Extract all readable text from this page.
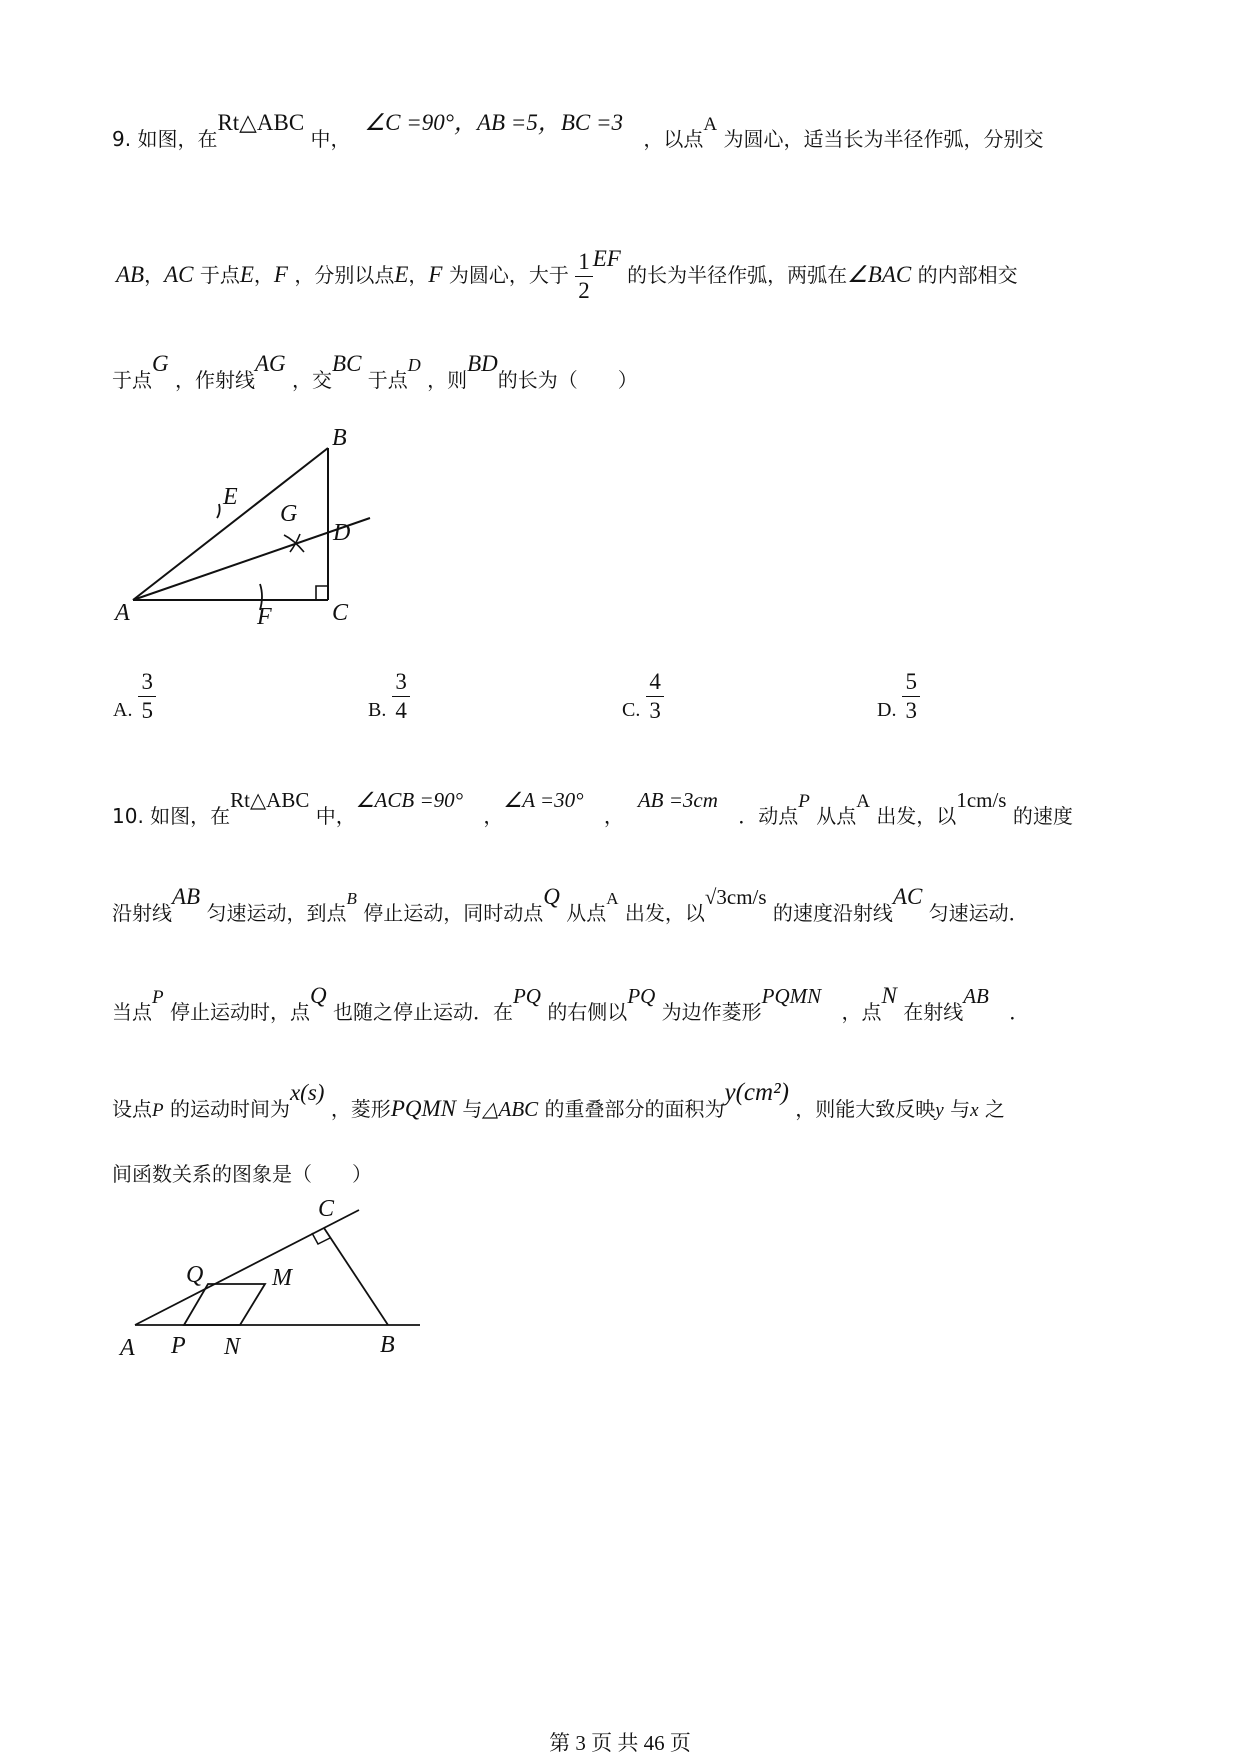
9. 如图，在Rt△ABC 中，∠C =90°，AB =5，BC =3 ，以点A 为圆心，适当长为半径作弧，分别交
AB，AC 于点E，F ，分别以点E，F 为圆心，大于 $\frac{1}{2}$ EF 的长为半径作弧，两弧在∠BAC 的内部相交
于点G ，作射线AG ，交BC 于点D ，则BD的长为（　　）
B
E
G
D
A	F	C
A. $\frac{3}{5}$	B. $\frac{3}{4}$	C. $\frac{4}{3}$	D. $\frac{5}{3}$
10. 如图，在Rt△ABC 中，∠ACB =90° ，∠A =30° ，AB =3cm ．动点P 从点A 出发，以1cm/s 的速度
沿射线AB 匀速运动，到点$^B$ 停止运动，同时动点Q 从点$^A$ 出发，以√3cm/s 的速度沿射线AC 匀速运动．
当点P 停止运动时，点Q 也随之停止运动．在PQ 的右侧以PQ 为边作菱形PQMN ，点N 在射线AB ．
设点P 的运动时间为x(s) ，菱形PQMN 与△ABC 的重叠部分的面积为y(cm²) ，则能大致反映y 与x 之
间函数关系的图象是（　　）
C
Q	M
A P N	B
第 3 页 共 46 页
